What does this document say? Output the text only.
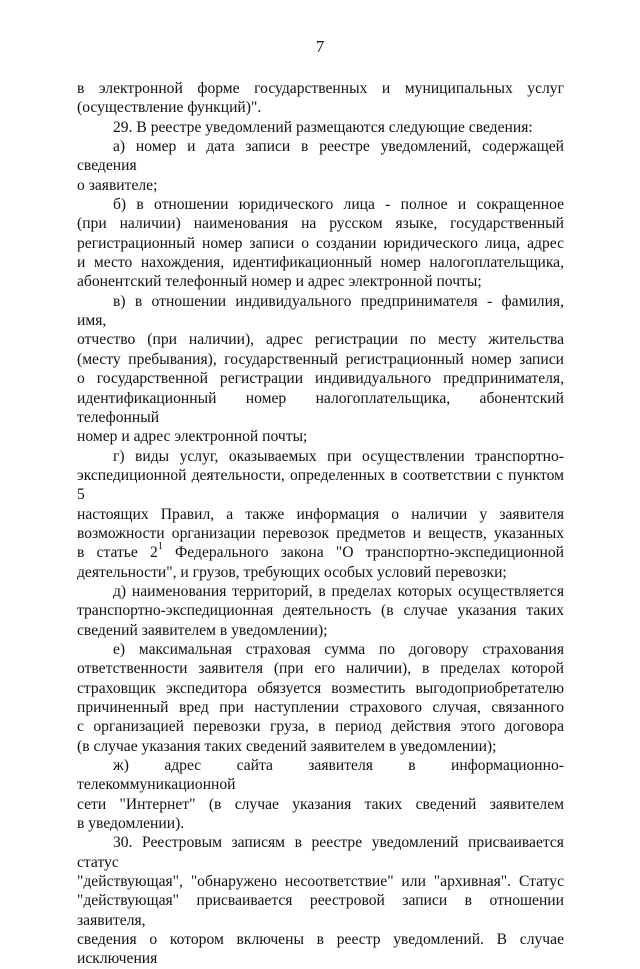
7

в электронной форме государственных и муниципальных услуг

(осуществление функций)".

29. В реестре уведомлений размещаются следующие сведения:

а) номер и дата записи в реестре уведомлений, содержащей сведения

о заявителе;

б) в отношении юридического лица - полное и сокращенное

(при наличии) наименования на русском языке, государственный

регистрационный номер записи о создании юридического лица, адрес

и место нахождения, идентификационный номер налогоплательщика,

абонентский телефонный номер и адрес электронной почты;

в) в отношении индивидуального предпринимателя - фамилия, имя,

отчество (при наличии), адрес регистрации по месту жительства

(месту пребывания), государственный регистрационный номер записи

о государственной регистрации индивидуального предпринимателя,

идентификационный номер налогоплательщика, абонентский телефонный

номер и адрес электронной почты;

г) виды услуг, оказываемых при осуществлении транспортно-

экспедиционной деятельности, определенных в соответствии с пунктом 5

настоящих Правил, а также информация о наличии у заявителя

возможности организации перевозок предметов и веществ, указанных

в статье $2^1$ Федерального закона "О транспортно-экспедиционной

деятельности", и грузов, требующих особых условий перевозки;

д) наименования территорий, в пределах которых осуществляется

транспортно-экспедиционная деятельность (в случае указания таких

сведений заявителем в уведомлении);

е) максимальная страховая сумма по договору страхования

ответственности заявителя (при его наличии), в пределах которой

страховщик экспедитора обязуется возместить выгодоприобретателю

причиненный вред при наступлении страхового случая, связанного

с организацией перевозки груза, в период действия этого договора

(в случае указания таких сведений заявителем в уведомлении);

ж) адрес сайта заявителя в информационно-телекоммуникационной

сети "Интернет" (в случае указания таких сведений заявителем

в уведомлении).

30. Реестровым записям в реестре уведомлений присваивается статус

"действующая", "обнаружено несоответствие" или "архивная". Статус

"действующая" присваивается реестровой записи в отношении заявителя,

сведения о котором включены в реестр уведомлений. В случае исключения
